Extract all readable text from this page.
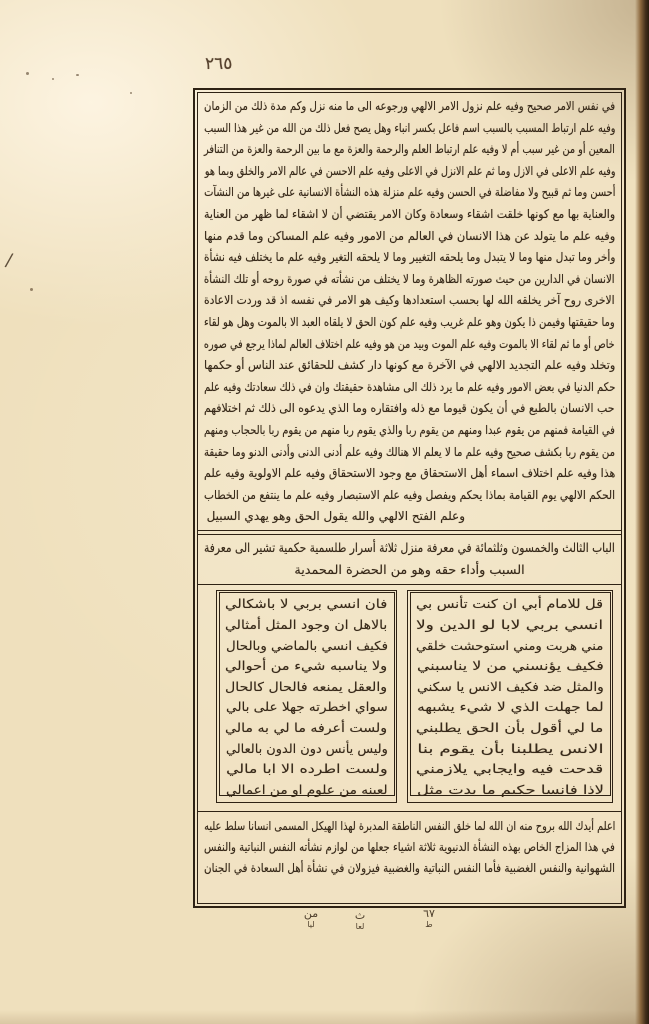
٢٦٥
/
في نفس الامر صحيح وفيه علم نزول الامر الالهي ورجوعه الى ما منه نزل وكم مدة ذلك من الزمان
وفيه علم ارتباط المسبب بالسبب اسم فاعل بكسر انباء وهل يصح فعل ذلك من الله من غير هذا السبب
المعين أو من غير سبب أم لا وفيه علم ارتباط العلم والرحمة والعزة مع ما بين الرحمة والعزة من التنافر
وفيه علم الاعلى في الازل وما ثم علم الانزل في الاعلى وفيه علم الاحسن في عالم الامر والخلق وبما هو
أحسن وما ثم قبيح ولا مفاضلة في الحسن وفيه علم منزلة هذه النشأة الانسانية على غيرها من النشآت
والعناية بها مع كونها خلقت اشقاء وسعادة وكان الامر يقتضي أن لا اشقاء لما ظهر من العناية
وفيه علم ما يتولد عن هذا الانسان في العالم من الامور وفيه علم المساكن وما قدم منها
وأخر وما تبدل منها وما لا يتبدل وما يلحقه التغيير وما لا يلحقه التغير وفيه علم ما يختلف فيه نشأة
الانسان في الدارين من حيث صورته الظاهرة وما لا يختلف من نشأته في صورة روحه أو تلك النشأة
الاخرى روح آخر يخلقه الله لها بحسب استعدادها وكيف هو الامر في نفسه اذ قد وردت الاعادة
وما حقيقتها وفيمن ذا يكون وهو علم غريب وفيه علم كون الحق لا يلقاه العبد الا بالموت وهل هو لقاء
خاص أو ما ثم لقاء الا بالموت وفيه علم الموت وبيد من هو وفيه علم اختلاف العالم لماذا يرجع في صوره
وتخلد وفيه علم التجديد الالهي في الآخرة مع كونها دار كشف للحقائق عند الناس أو حكمها
حكم الدنيا في بعض الامور وفيه علم ما يرد ذلك الى مشاهدة حقيقتك وان في ذلك سعادتك وفيه علم
حب الانسان بالطبع في أن يكون قيوما مع ذله وافتقاره وما الذي يدعوه الى ذلك ثم اختلافهم
في القيامة فمنهم من يقوم عبدا ومنهم من يقوم ربا والذي يقوم ربا منهم من يقوم ربا بالحجاب ومنهم
من يقوم ربا بكشف صحيح وفيه علم ما لا يعلم الا هنالك وفيه علم أدنى الدنى وأدنى الدنو وما حقيقة
هذا وفيه علم اختلاف اسماء أهل الاستحقاق مع وجود الاستحقاق وفيه علم الاولوية وفيه علم
الحكم الالهي يوم القيامة بماذا يحكم ويفصل وفيه علم الاستبصار وفيه علم ما ينتفع من الخطاب
وعلم الفتح الالهي والله يقول الحق وهو يهدي السبيل
الباب الثالث والخمسون وثلثمائة في معرفة منزل ثلاثة أسرار طلسمية حكمية تشير الى معرفة
السبب وأداء حقه وهو من الحضرة المحمدية
قل للامام أبي ان كنت تأنس بي
انسي بربي لابا لو الدين ولا
مني هربت ومني استوحشت خلقي
فكيف يؤنسني من لا يناسبني
والمثل ضد فكيف الانس يا سكني
لما جهلت الذي لا شيء يشبهه
ما لي أقول بأن الحق يطلبني
الانس يطلبنا بأن يقوم بنا
قدحت فيه وايجابي يلازمني
لاذا فانسا حكيم ما بدت مثل
فان انسي بربي لا باشكالي
بالاهل ان وجود المثل أمثالي
فكيف انسي بالماضي وبالحال
ولا يناسبه شيء من أحوالي
والعقل يمنعه فالحال كالحال
سواي اخطرته جهلا على بالي
ولست أعرفه ما لي به مالي
وليس يأنس دون الدون بالعالي
ولست اطرده الا ابا مالي
لعينه من علوم او من اعمالي
اعلم أيدك الله بروح منه ان الله لما خلق النفس الناطقة المدبرة لهذا الهيكل المسمى انسانا سلط عليه
في هذا المزاج الخاص بهذه النشأة الدنيوية ثلاثة اشياء جعلها من لوازم نشأته النفس النباتية والنفس
الشهوانية والنفس الغضبية فأما النفس النباتية والغضبية فيزولان في نشأة أهل السعادة في الجنان
٦٧
ط
ث
لعا
من
ليا
